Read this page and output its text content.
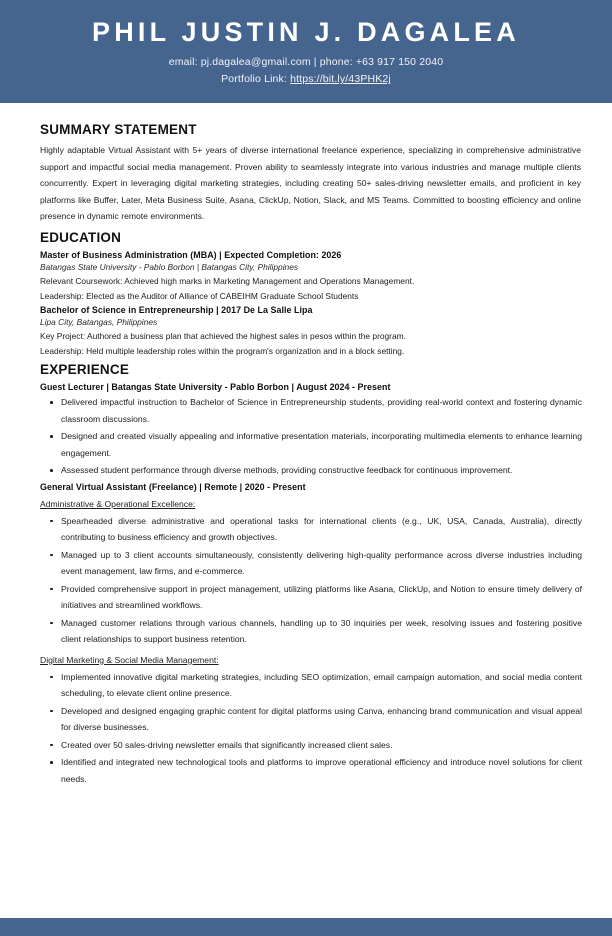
PHIL JUSTIN J. DAGALEA

email: pj.dagalea@gmail.com | phone: +63 917 150 2040

Portfolio Link: https://bit.ly/43PHK2j

SUMMARY STATEMENT

Highly adaptable Virtual Assistant with 5+ years of diverse international freelance experience, specializing in comprehensive administrative support and impactful social media management. Proven ability to seamlessly integrate into various industries and manage multiple clients concurrently. Expert in leveraging digital marketing strategies, including creating 50+ sales-driving newsletter emails, and proficient in key platforms like Buffer, Later, Meta Business Suite, Asana, ClickUp, Notion, Slack, and MS Teams. Committed to boosting efficiency and online presence in dynamic remote environments.

EDUCATION
Master of Business Administration (MBA) | Expected Completion: 2026
Batangas State University - Pablo Borbon | Batangas City, Philippines
Relevant Coursework: Achieved high marks in Marketing Management and Operations Management.
Leadership: Elected as the Auditor of Alliance of CABEIHM Graduate School Students
Bachelor of Science in Entrepreneurship | 2017 De La Salle Lipa
Lipa City, Batangas, Philippines
Key Project: Authored a business plan that achieved the highest sales in pesos within the program.
Leadership: Held multiple leadership roles within the program's organization and in a block setting.
EXPERIENCE
Guest Lecturer | Batangas State University - Pablo Borbon | August 2024 - Present
Delivered impactful instruction to Bachelor of Science in Entrepreneurship students, providing real-world context and fostering dynamic classroom discussions.
Designed and created visually appealing and informative presentation materials, incorporating multimedia elements to enhance learning engagement.
Assessed student performance through diverse methods, providing constructive feedback for continuous improvement.
General Virtual Assistant (Freelance) | Remote | 2020 - Present
Administrative & Operational Excellence:
Spearheaded diverse administrative and operational tasks for international clients (e.g., UK, USA, Canada, Australia), directly contributing to business efficiency and growth objectives.
Managed up to 3 client accounts simultaneously, consistently delivering high-quality performance across diverse industries including event management, law firms, and e-commerce.
Provided comprehensive support in project management, utilizing platforms like Asana, ClickUp, and Notion to ensure timely delivery of initiatives and streamlined workflows.
Managed customer relations through various channels, handling up to 30 inquiries per week, resolving issues and fostering positive client relationships to support business retention.
Digital Marketing & Social Media Management:
Implemented innovative digital marketing strategies, including SEO optimization, email campaign automation, and social media content scheduling, to elevate client online presence.
Developed and designed engaging graphic content for digital platforms using Canva, enhancing brand communication and visual appeal for diverse businesses.
Created over 50 sales-driving newsletter emails that significantly increased client sales.
Identified and integrated new technological tools and platforms to improve operational efficiency and introduce novel solutions for client needs.
